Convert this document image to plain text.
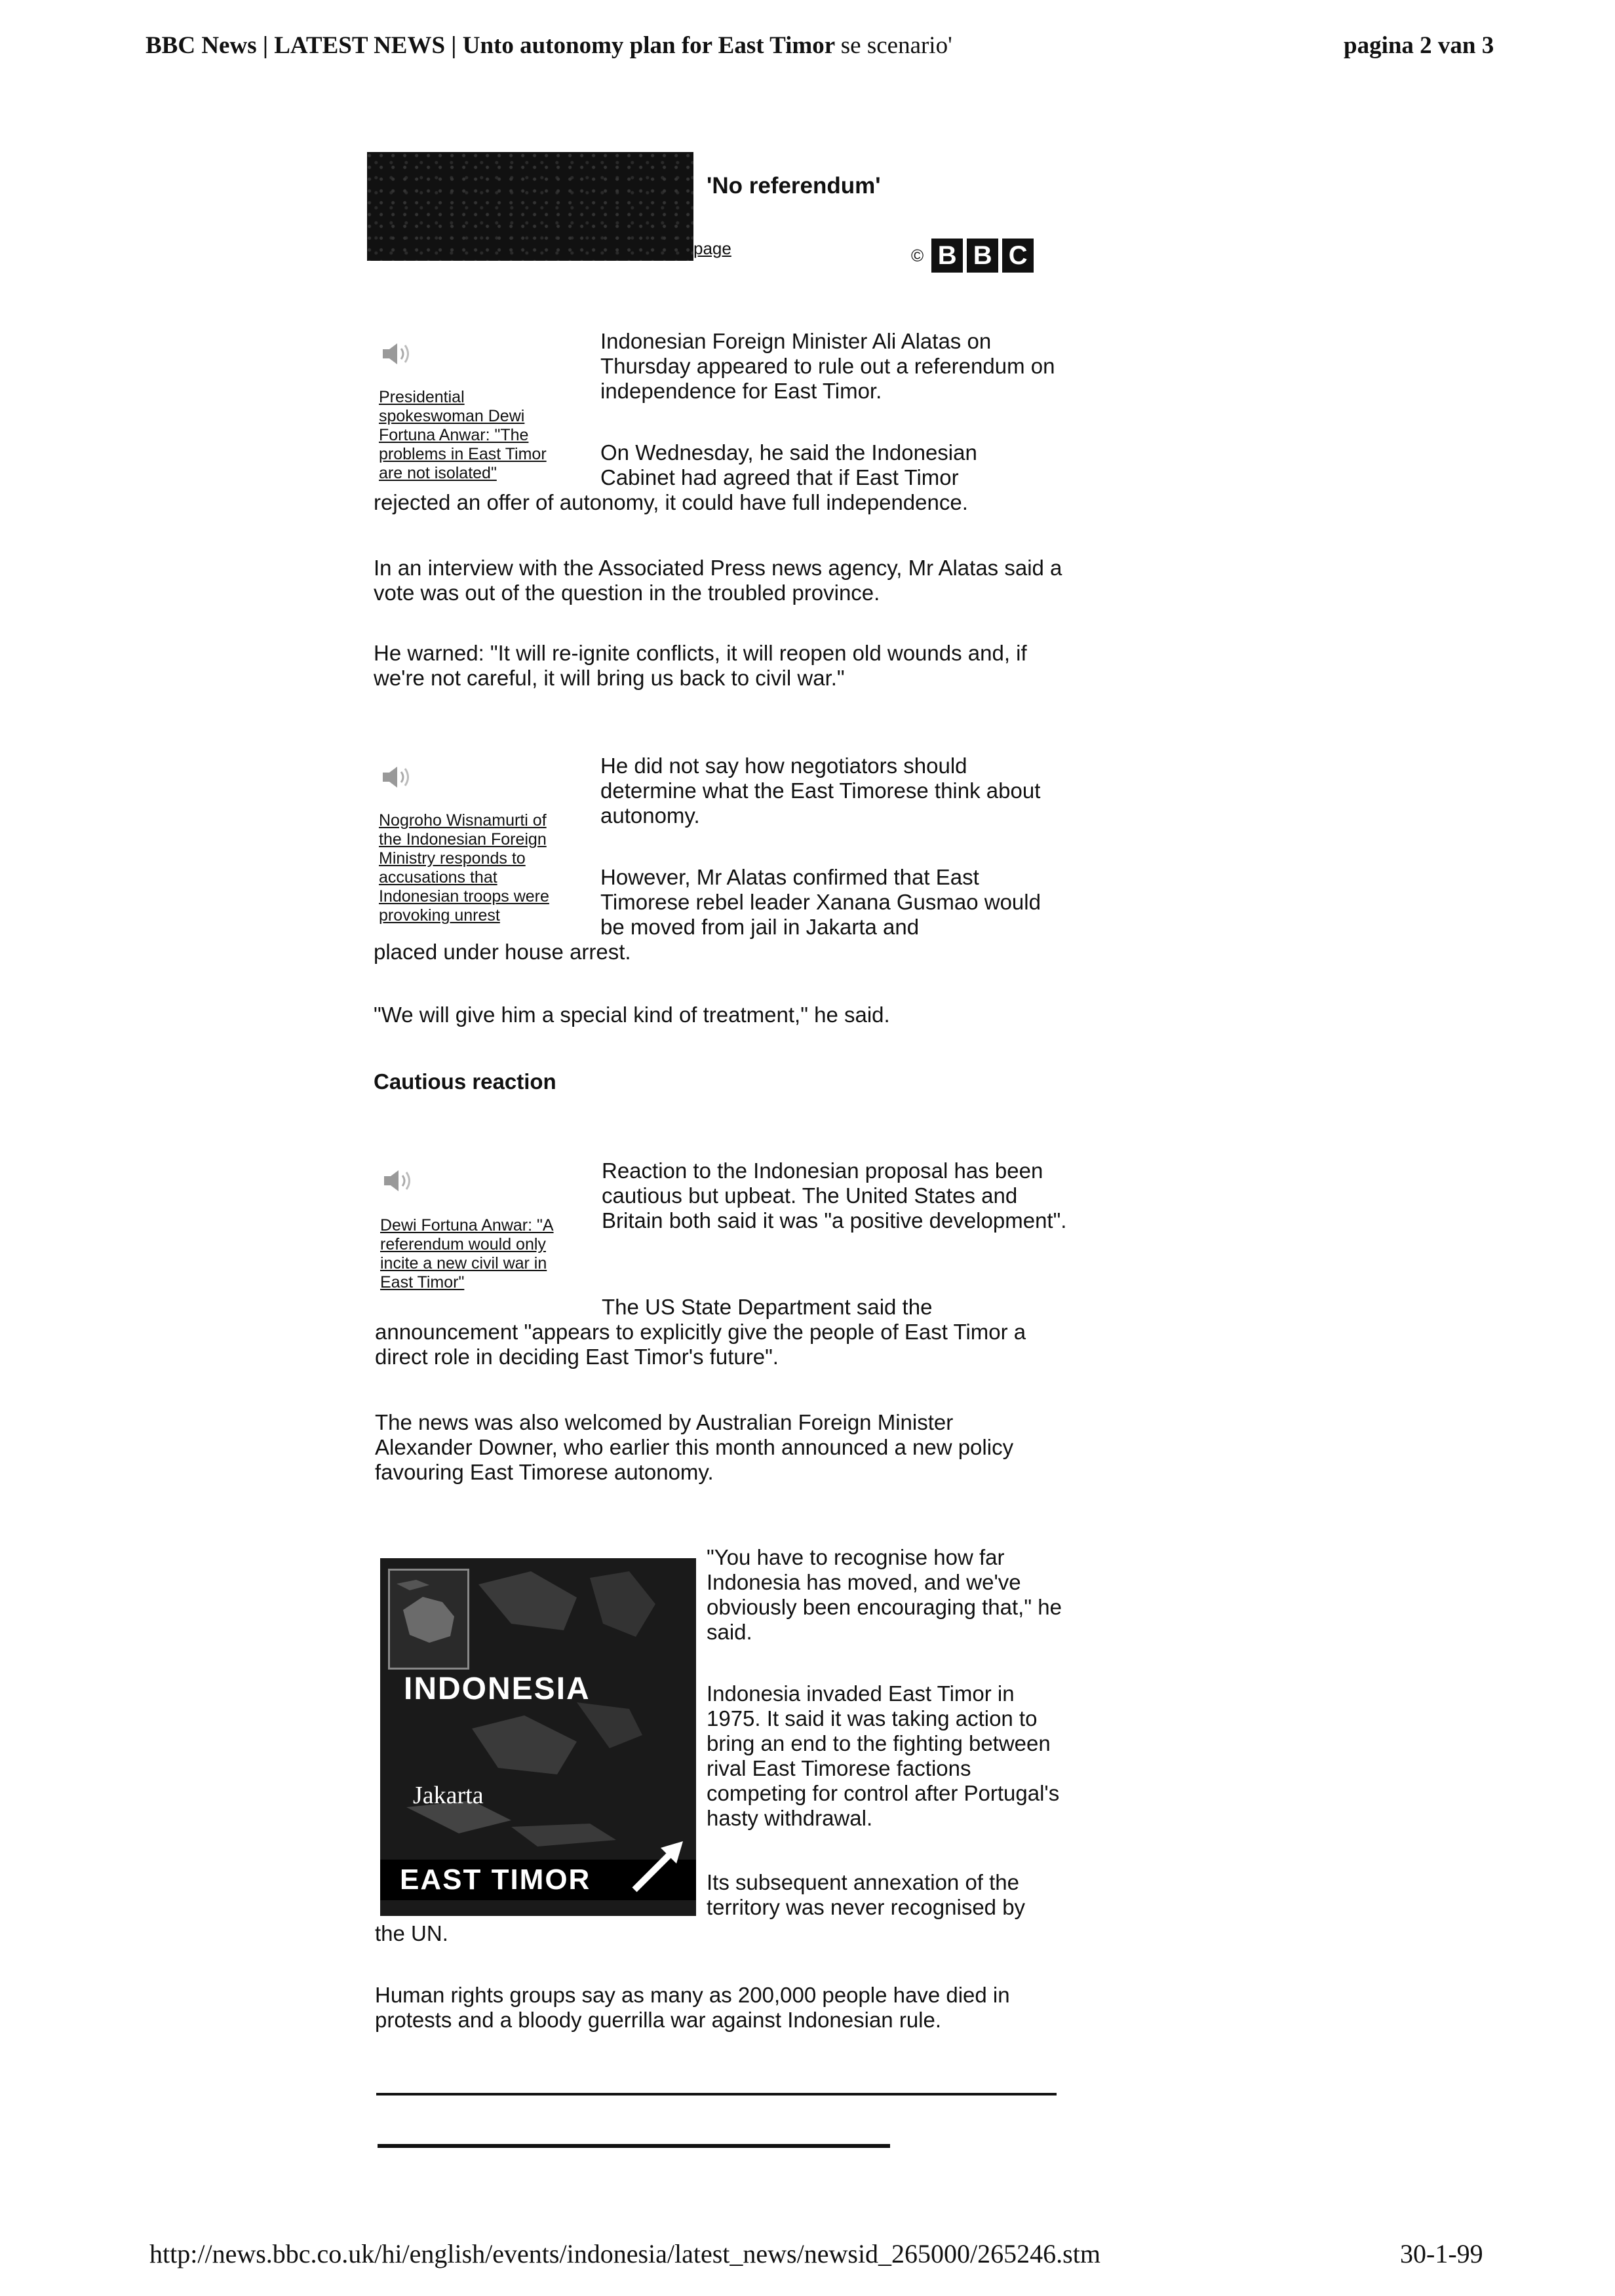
BBC News | LATEST NEWS | Unto autonomy plan for East Timor se scenario'	pagina 2 van 3
'No referendum'
page	© B B C
Presidential spokeswoman Dewi Fortuna Anwar: "The problems in East Timor are not isolated"
Indonesian Foreign Minister Ali Alatas on Thursday appeared to rule out a referendum on independence for East Timor.
On Wednesday, he said the Indonesian Cabinet had agreed that if East Timor
rejected an offer of autonomy, it could have full independence.
In an interview with the Associated Press news agency, Mr Alatas said a vote was out of the question in the troubled province.
He warned: "It will re-ignite conflicts, it will reopen old wounds and, if we're not careful, it will bring us back to civil war."
Nogroho Wisnamurti of the Indonesian Foreign Ministry responds to accusations that Indonesian troops were provoking unrest
He did not say how negotiators should determine what the East Timorese think about autonomy.
However, Mr Alatas confirmed that East Timorese rebel leader Xanana Gusmao would be moved from jail in Jakarta and
placed under house arrest.
"We will give him a special kind of treatment," he said.
Cautious reaction
Dewi Fortuna Anwar: "A referendum would only incite a new civil war in East Timor"
Reaction to the Indonesian proposal has been cautious but upbeat. The United States and Britain both said it was "a positive development".
The US State Department said the
announcement "appears to explicitly give the people of East Timor a direct role in deciding East Timor's future".
The news was also welcomed by Australian Foreign Minister Alexander Downer, who earlier this month announced a new policy favouring East Timorese autonomy.
INDONESIA
Jakarta
EAST TIMOR
"You have to recognise how far Indonesia has moved, and we've obviously been encouraging that," he said.
Indonesia invaded East Timor in 1975. It said it was taking action to bring an end to the fighting between rival East Timorese factions competing for control after Portugal's hasty withdrawal.
Its subsequent annexation of the territory was never recognised by
the UN.
Human rights groups say as many as 200,000 people have died in protests and a bloody guerrilla war against Indonesian rule.
http://news.bbc.co.uk/hi/english/events/indonesia/latest_news/newsid_265000/265246.stm	30-1-99
